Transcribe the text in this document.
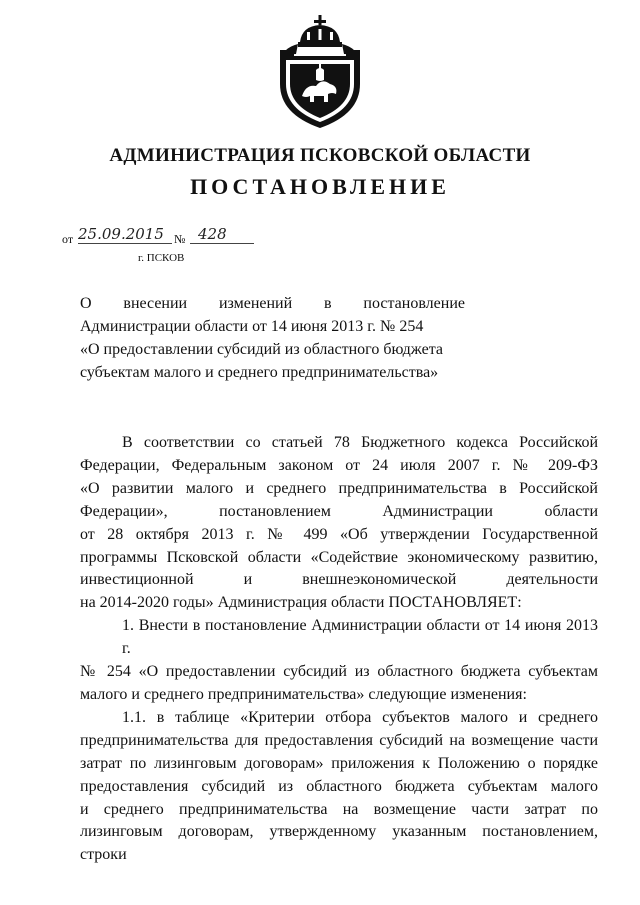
АДМИНИСТРАЦИЯ ПСКОВСКОЙ ОБЛАСТИ
ПОСТАНОВЛЕНИЕ
от 25.09.2015 № 428
г. ПСКОВ
О внесении изменений в постановление
Администрации области от 14 июня 2013 г. № 254
«О предоставлении субсидий из областного бюджета
субъектам малого и среднего предпринимательства»
В соответствии со статьей 78 Бюджетного кодекса Российской
Федерации, Федеральным законом от 24 июля 2007 г. № 209-ФЗ
«О развитии малого и среднего предпринимательства в Российской
Федерации», постановлением Администрации области
от 28 октября 2013 г. № 499 «Об утверждении Государственной
программы Псковской области «Содействие экономическому развитию,
инвестиционной и внешнеэкономической деятельности
на 2014-2020 годы» Администрация области ПОСТАНОВЛЯЕТ:
1. Внести в постановление Администрации области от 14 июня 2013 г.
№ 254 «О предоставлении субсидий из областного бюджета субъектам
малого и среднего предпринимательства» следующие изменения:
1.1. в таблице «Критерии отбора субъектов малого и среднего
предпринимательства для предоставления субсидий на возмещение части
затрат по лизинговым договорам» приложения к Положению о порядке
предоставления субсидий из областного бюджета субъектам малого
и среднего предпринимательства на возмещение части затрат по
лизинговым договорам, утвержденному указанным постановлением,
строки
